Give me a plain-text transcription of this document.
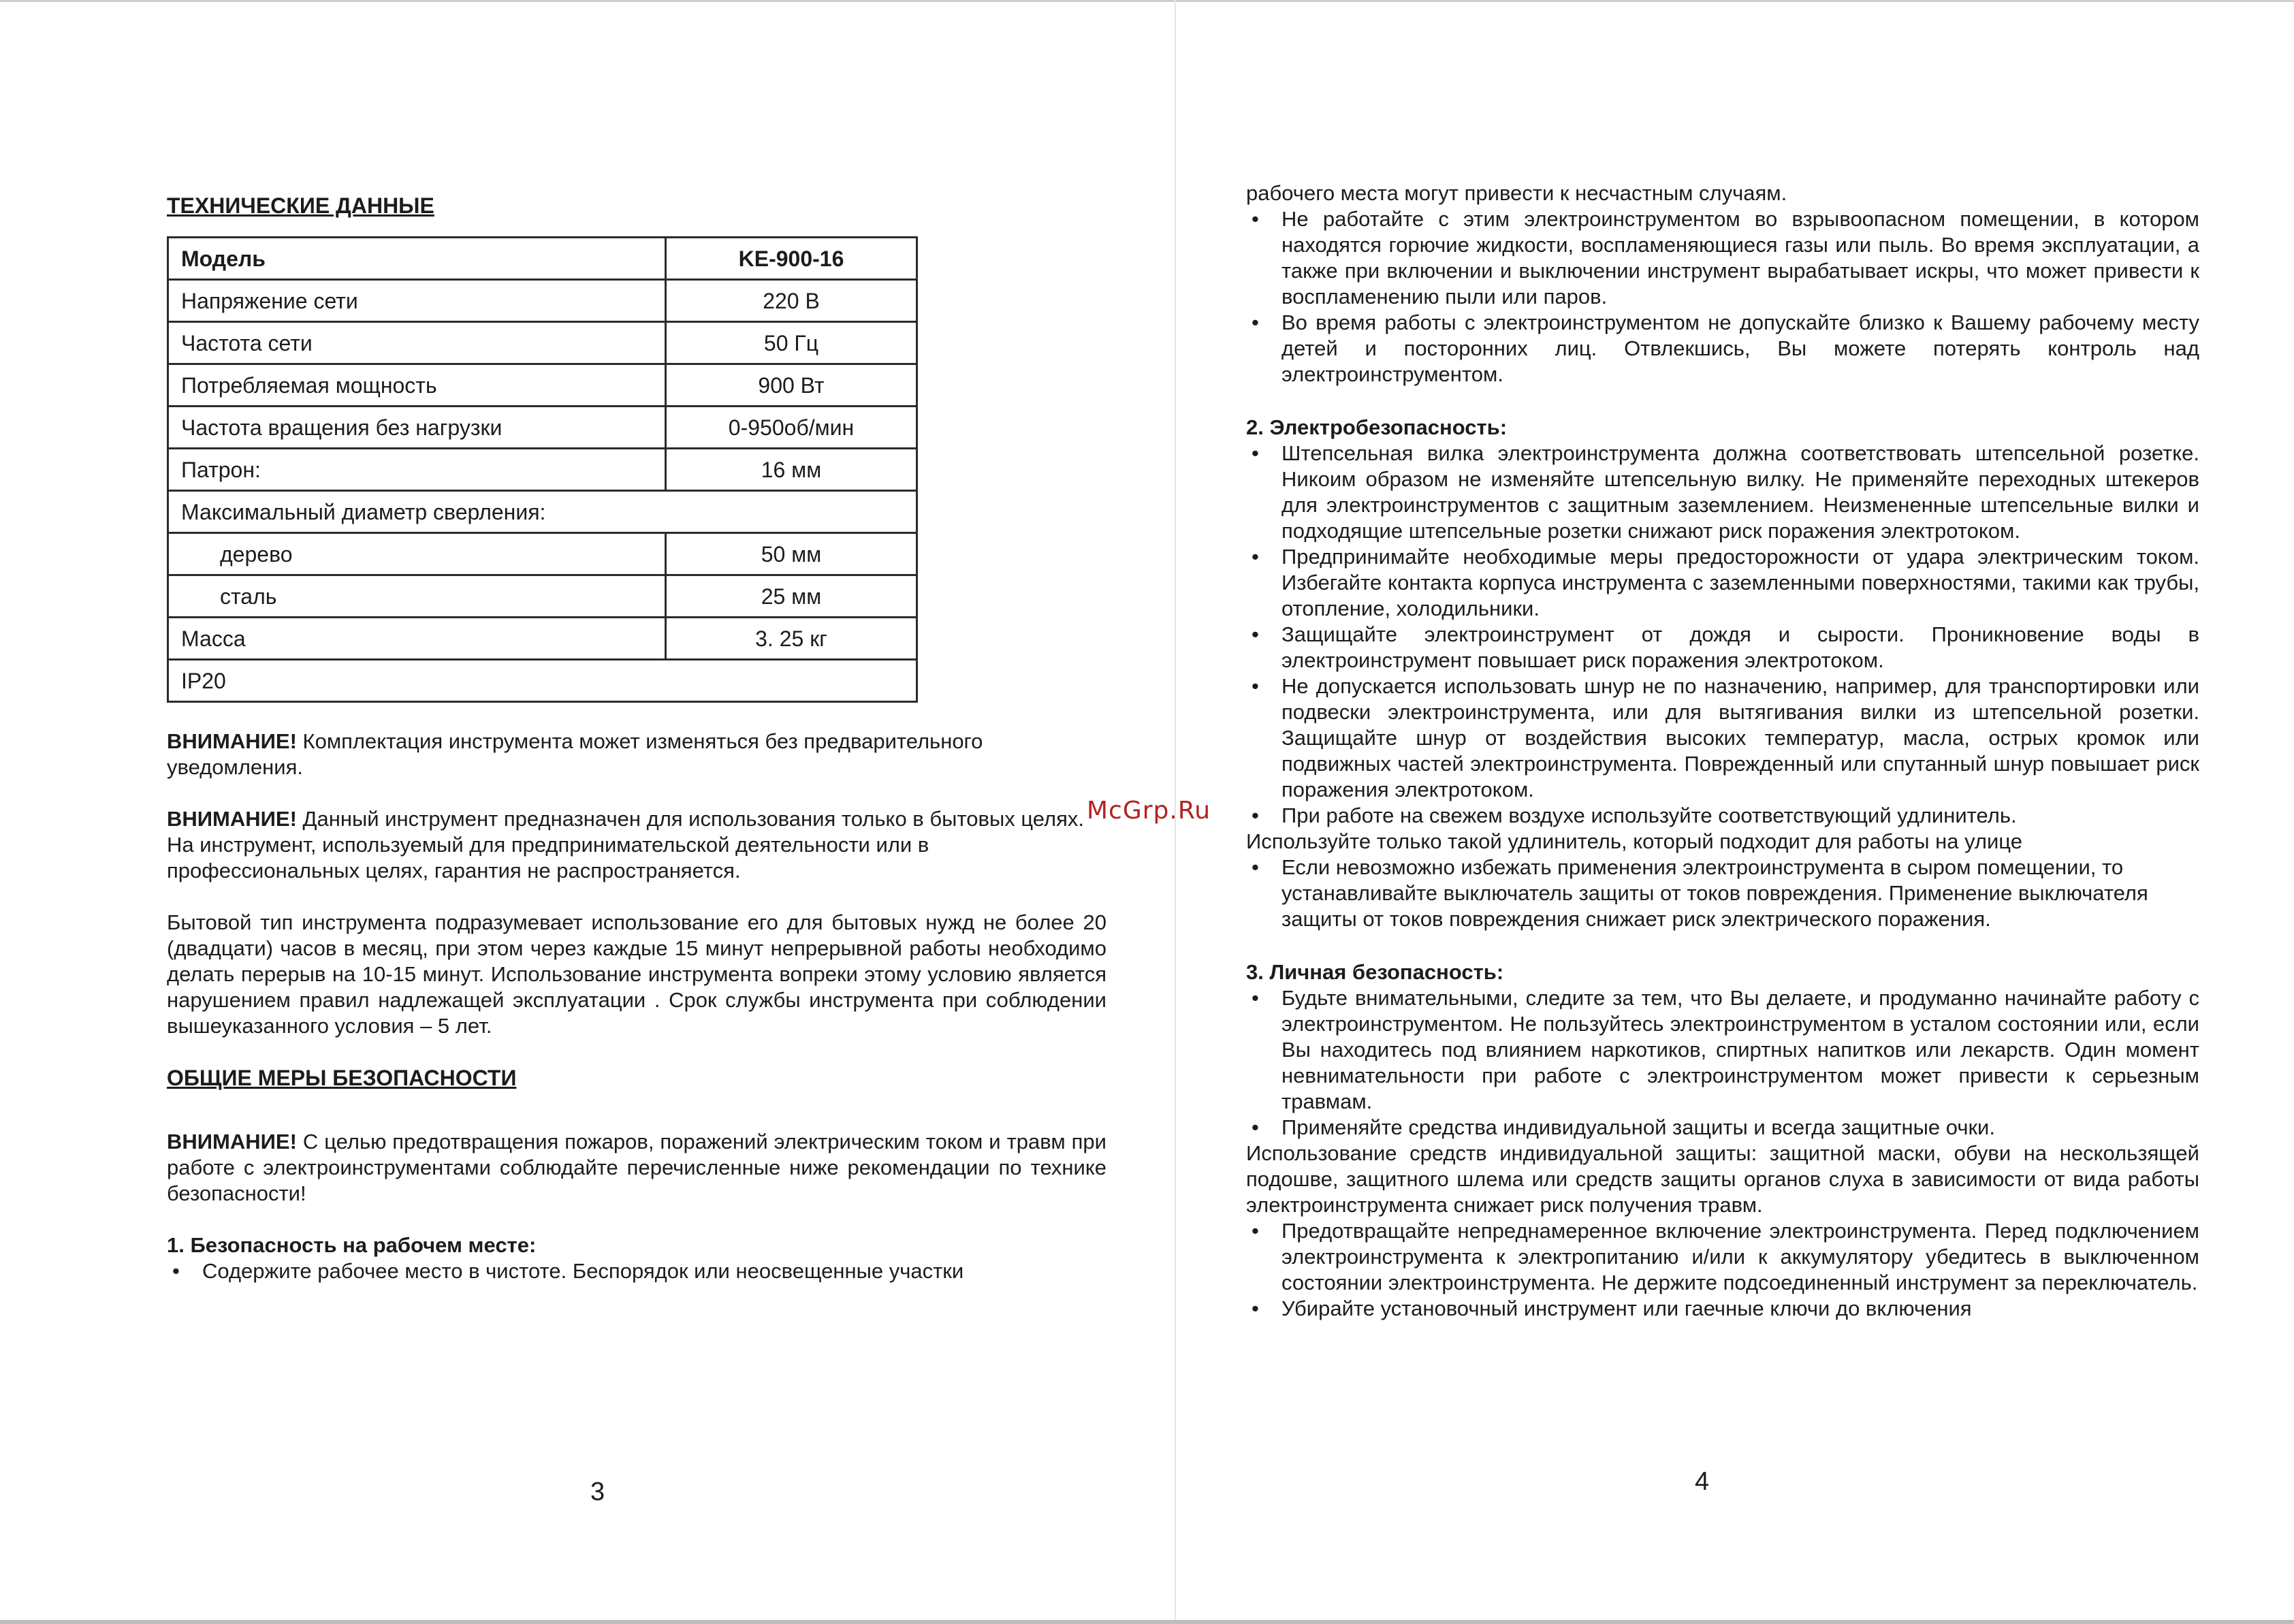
ТЕХНИЧЕСКИЕ ДАННЫЕ
Модель	KE-900-16
Напряжение сети	220 В
Частота сети	50 Гц
Потребляемая мощность	900 Вт
Частота вращения без нагрузки	0-950об/мин
Патрон:	16 мм
Максимальный диаметр сверления:	
дерево	50 мм
сталь	25 мм
Масса	3. 25 кг
IP20	

ВНИМАНИЕ! Комплектация инструмента может изменяться без предварительного уведомления.

ВНИМАНИЕ! Данный инструмент предназначен для использования только в бытовых целях.

На инструмент, используемый для предпринимательской деятельности или в профессиональных целях, гарантия не распространяется.

Бытовой тип инструмента подразумевает использование его для бытовых нужд не более 20 (двадцати) часов в месяц, при этом через каждые 15 минут непрерывной работы необходимо делать перерыв на 10-15 минут. Использование инструмента вопреки этому условию является нарушением правил надлежащей эксплуатации . Срок службы инструмента при соблюдении вышеуказанного условия – 5 лет.

ОБЩИЕ МЕРЫ БЕЗОПАСНОСТИ

ВНИМАНИЕ! С целью предотвращения пожаров, поражений электрическим током и травм при работе с электроинструментами соблюдайте перечисленные ниже рекомендации по технике безопасности!

1. Безопасность на рабочем месте:

• Содержите рабочее место в чистоте. Беспорядок или неосвещенные участки
3

рабочего места могут привести к несчастным случаям.

• Не работайте с этим электроинструментом во взрывоопасном помещении, в котором находятся горючие жидкости, воспламеняющиеся газы или пыль. Во время эксплуатации, а также при включении и выключении инструмент вырабатывает искры, что может привести к воспламенению пыли или паров.
• Во время работы с электроинструментом не допускайте близко к Вашему рабочему месту детей и посторонних лиц. Отвлекшись, Вы можете потерять контроль над электроинструментом.

2. Электробезопасность:

• Штепсельная вилка электроинструмента должна соответствовать штепсельной розетке. Никоим образом не изменяйте штепсельную вилку. Не применяйте переходных штекеров для электроинструментов с защитным заземлением. Неизмененные штепсельные вилки и подходящие штепсельные розетки снижают риск поражения электротоком.
• Предпринимайте необходимые меры предосторожности от удара электрическим током. Избегайте контакта корпуса инструмента с заземленными поверхностями, такими как трубы, отопление, холодильники.
• Защищайте электроинструмент от дождя и сырости. Проникновение воды в электроинструмент повышает риск поражения электротоком.
• Не допускается использовать шнур не по назначению, например, для транспортировки или подвески электроинструмента, или для вытягивания вилки из штепсельной розетки. Защищайте шнур от воздействия высоких температур, масла, острых кромок или подвижных частей электроинструмента. Поврежденный или спутанный шнур повышает риск поражения электротоком.
• При работе на свежем воздухе используйте соответствующий удлинитель.

Используйте только такой удлинитель, который подходит для работы на улице

• Если невозможно избежать применения электроинструмента в сыром помещении, то устанавливайте выключатель защиты от токов повреждения. Применение выключателя защиты от токов повреждения снижает риск электрического поражения.

3. Личная безопасность:

• Будьте внимательными, следите за тем, что Вы делаете, и продуманно начинайте работу с электроинструментом. Не пользуйтесь электроинструментом в усталом состоянии или, если Вы находитесь под влиянием наркотиков, спиртных напитков или лекарств. Один момент невнимательности при работе с электроинструментом может привести к серьезным травмам.
• Применяйте средства индивидуальной защиты и всегда защитные очки.

Использование средств индивидуальной защиты: защитной маски, обуви на нескользящей подошве, защитного шлема или средств защиты органов слуха в зависимости от вида работы электроинструмента снижает риск получения травм.

• Предотвращайте непреднамеренное включение электроинструмента. Перед подключением электроинструмента к электропитанию и/или к аккумулятору убедитесь в выключенном состоянии электроинструмента. Не держите подсоединенный инструмент за переключатель.
• Убирайте установочный инструмент или гаечные ключи до включения
4
McGrp.Ru
